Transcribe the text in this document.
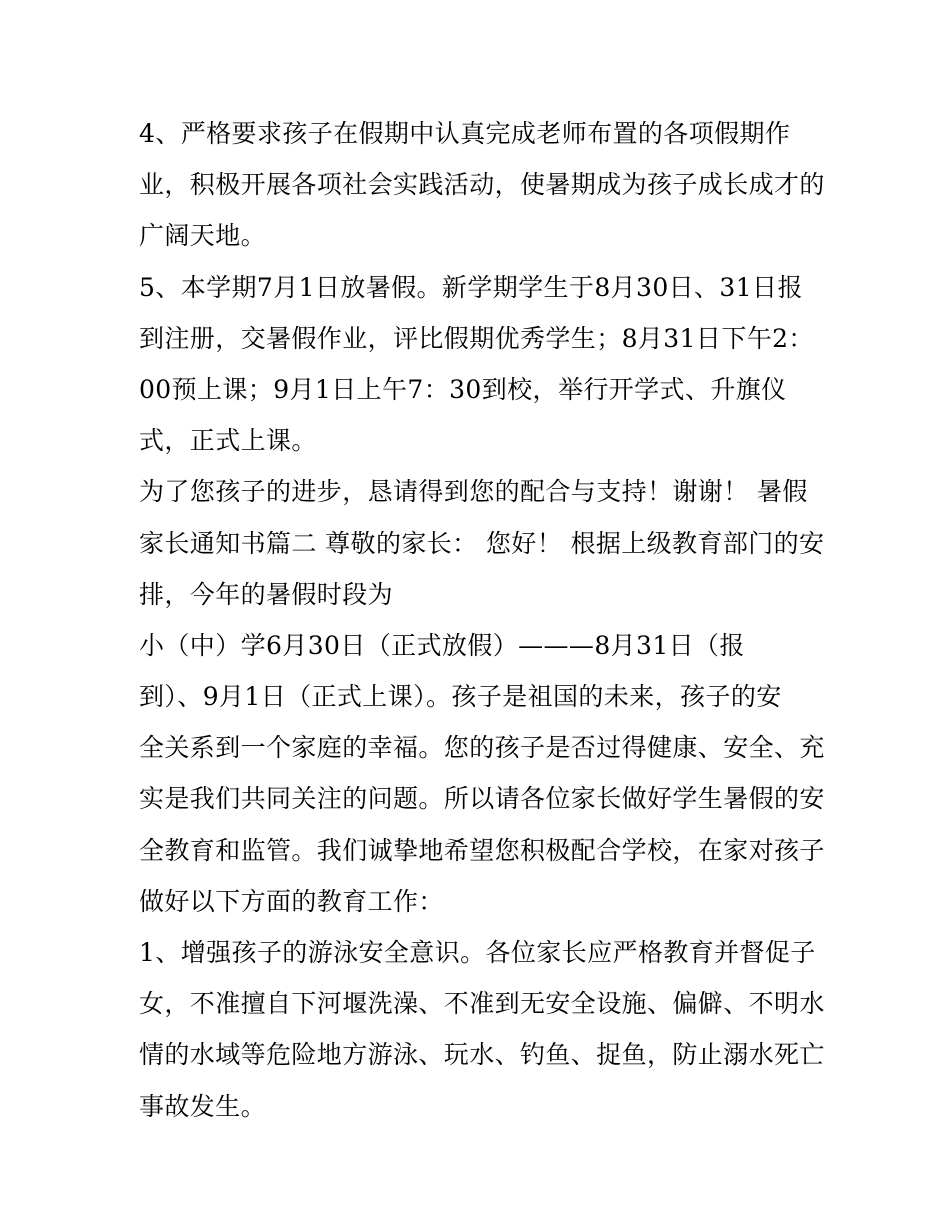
4、严格要求孩子在假期中认真完成老师布置的各项假期作
业，积极开展各项社会实践活动，使暑期成为孩子成长成才的
广阔天地。
5、本学期7月1日放暑假。新学期学生于8月30日、31日报
到注册，交暑假作业，评比假期优秀学生；8月31日下午2：
00预上课；9月1日上午7：30到校，举行开学式、升旗仪
式，正式上课。
为了您孩子的进步，恳请得到您的配合与支持！谢谢！ 暑假
家长通知书篇二 尊敬的家长： 您好！ 根据上级教育部门的安
排，今年的暑假时段为
小（中）学6月30日（正式放假）———8月31日（报
到）、9月1日（正式上课）。孩子是祖国的未来，孩子的安
全关系到一个家庭的幸福。您的孩子是否过得健康、安全、充
实是我们共同关注的问题。所以请各位家长做好学生暑假的安
全教育和监管。我们诚挚地希望您积极配合学校，在家对孩子
做好以下方面的教育工作：
1、增强孩子的游泳安全意识。各位家长应严格教育并督促子
女，不准擅自下河堰洗澡、不准到无安全设施、偏僻、不明水
情的水域等危险地方游泳、玩水、钓鱼、捉鱼，防止溺水死亡
事故发生。
